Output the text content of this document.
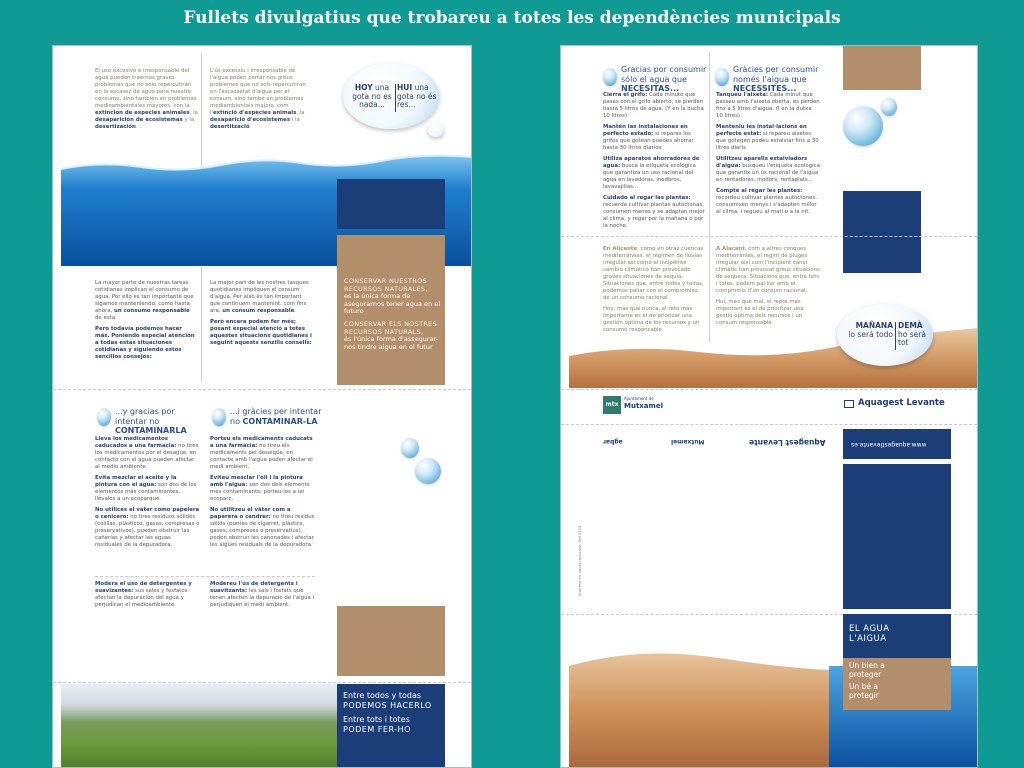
Fullets divulgatius que trobareu a totes les dependències municipals
El uso excesivo e irresponsable del agua pueden traernos graves problemas que no sólo repercutirán en la escasez de agua para nuestro consumo, sino también en problemas medioambientales mayores, con la extinción de especies animales, la desaparición de ecosistemas y la desertización.
L'ús excessiu i irresponsable de l'aigua poden portar-nos greus problemes que no sols repercutiran en l'escassetat d'aigua per al consum, sinó també en problemes mediambientals majors, com l'extinció d'espècies animals, la desaparició d'ecosistemes i la desertització.
HOY una gota no es nada...
HUI una gota no és res...
CONSERVAR NUESTROS RECURSOS NATURALES,
es la única forma de asegurarnos tener agua en el futuro
CONSERVAR ELS NOSTRES RECURSOS NATURALS,
és l'única forma d'assegurar-nos tindre aigua en el futur
La mayor parte de nuestras tareas cotidianas implican el consumo de agua. Por ello es tan importante que sigamos manteniendo, como hasta ahora, un consumo responsable de ésta.
Pero todavía podemos hacer más. Poniendo especial atención a todas estas situaciones cotidianas y siguiendo estos sencillos consejos:
La major part de les nostres tasques quotidianes impliquen el consum d'aigua. Per això és tan important que continuem mantenint, com fins ara, un consum responsable.
Però encara podem fer més; posant especial atenció a totes aquestes situacions quotidianes i seguint aquests senzills consells:
...y gracias por intentar no CONTAMINARLA
Lleva los medicamentos caducados a una farmacia: no tires los medicamentos por el desagüe, en contacto con el agua pueden afectar al medio ambiente.
Evita mezclar el aceite y la pintura con el agua: son dos de los elementos más contaminantes, llévalos a un ecoparque.
No utilices el váter como papelera o cenicero: no tires residuos sólidos (colillas, plásticos, gasas, compresas o preservativos), pueden obstruir las cañerías y afectar las aguas residuales de la depuradora.
Modera el uso de detergentes y suavizantes: sus sales y fosfatos afectan la depuración del agua y perjudican el medioambiente.
...i gràcies per intentar no CONTAMINAR-LA
Porteu els medicaments caducats a una farmàcia: no tireu els medicaments pel desaigüe, en contacte amb l'aigua poden afectar el medi ambient.
Eviteu mesclar l'oli i la pintura amb l'aigua: són dos dels elements més contaminants; porteu-los a un ecoparc.
No utilitzeu el vàter com a paperera o cendrer: no tireu residus sòlids (puntes de cigarret, plàstics, gases, compreses o preservatius), poden obstruir les canonades i afectar les aigües residuals de la depuradora.
Modereu l'ús de detergents i suavitzants: les sals i fosfats que tenen afecten la depuració de l'aigua i perjudiquen el medi ambient.
Entre todos y todas
PODEMOS HACERLO
Entre tots i totes
PODEM FER-HO
Gracias por consumir sólo el agua que NECESITAS...
Cierra el grifo: Cada minuto que pasas con el grifo abierto, se pierden hasta 5 litros de agua. (Y en la ducha 10 litros)
Mantén las instalaciones en perfecto estado: si reparas los grifos que gotean puedes ahorrar hasta 30 litros diarios.
Utiliza aparatos ahorradores de agua: busca la etiqueta ecológica que garantiza un uso racional del agua en lavadoras, inodoros, lavavajillas...
Cuidado al regar las plantas: recuerda cultivar plantas autóctonas, consumen menos y se adaptan mejor al clima, y regar por la mañana o por la noche.
Gràcies per consumir només l'aigua que NECESSITES...
Tanqueu l'aixeta: Cada minut que passeu amb l'aixeta oberta, es perden fins a 5 litres d'aigua. (I en la dutxa 10 litres)
Manteniu les instal·lacions en perfecte estat: si repareu aixetes que gotegen podeu estalviar fins a 30 litres diaris.
Utilitzeu aparells estalviadors d'aigua: busqueu l'etiqueta ecològica que garantix un ús racional de l'aigua en rentadores, inodors, rentaplats...
Compte al regar les plantes: recordeu cultivar plantes autòctones, consumixen menys i s'adapten millor al clima, i regueu al matí o a la nit.
En Alicante, como en otras cuencas mediterráneas, el régimen de lluvias irregular así como el incipiente cambio climático han provocado graves situaciones de sequía. Situaciones que, entre todos y todas, podemos paliar con el compromiso de un consumo racional.
Hoy, más que nunca, el reto más importante es el de priorizar una gestión óptima de los recursos y un consumo responsable.
A Alacant, com a altres conques mediterrànies, el règim de pluges irregular així com l'incipient canvi climàtic han provocat greus situacions de sequera. Situacions que, entre tots i totes, podem pal·liar amb el compromís d'un consum racional.
Hui, més que mai, el repte més important és el de prioritzar una gestió òptima dels recursos i un consum responsable.	MAÑANA
lo será todo
DEMÀ
ho serà tot
mtx
Ajuntament de
Mutxamel	Aquagest Levante
agbar	Mutxamel	Aquagest Levante	www.aquagestlevante.es
Impreso en papel reciclado. Ref.0715
EL AGUA
L'AIGUA
Un bien a proteger
Un bé a protegir
